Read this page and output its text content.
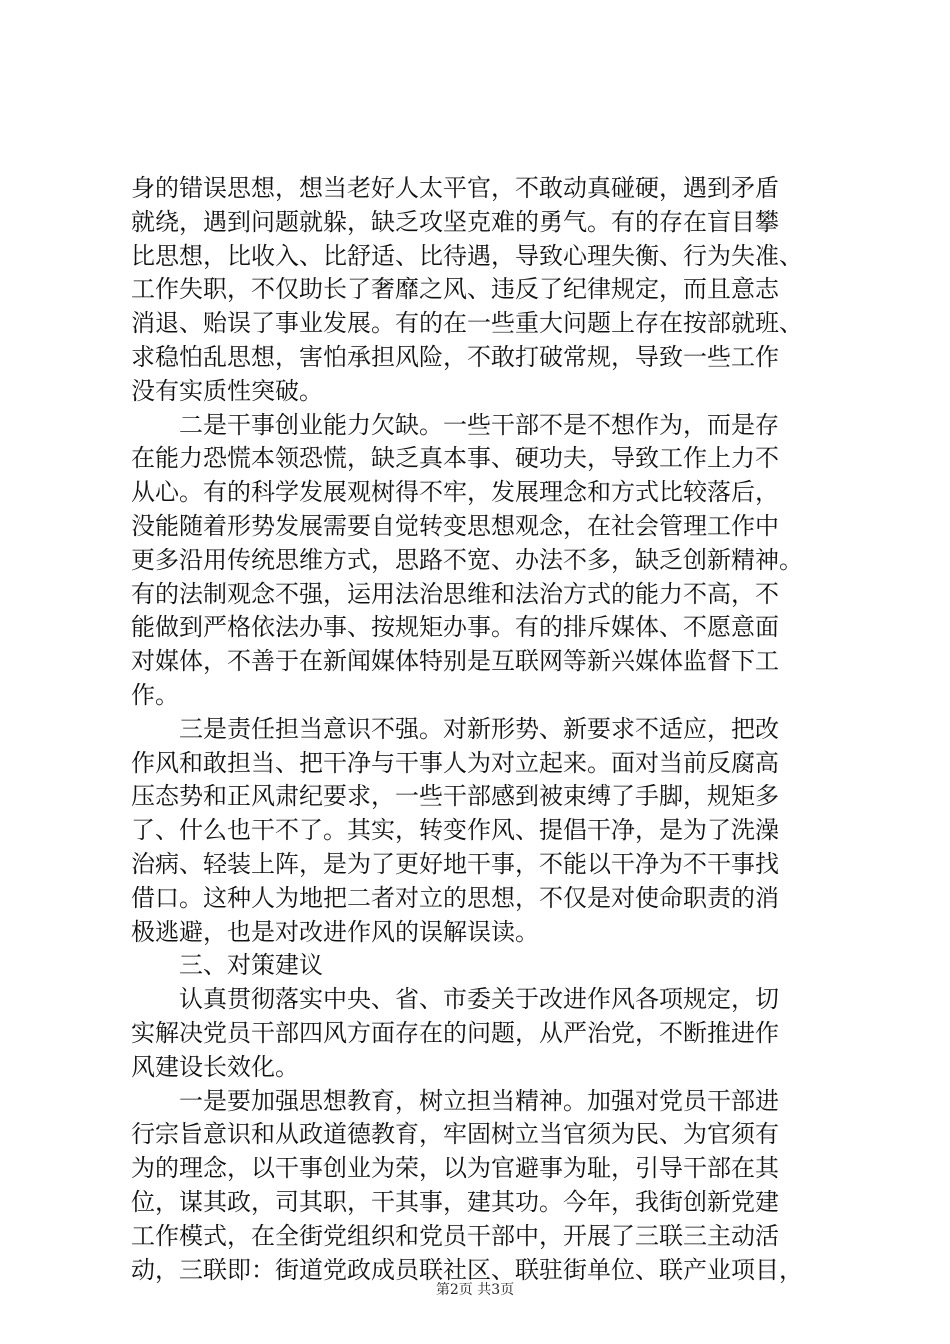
身的错误思想，想当老好人太平官，不敢动真碰硬，遇到矛盾
就绕，遇到问题就躲，缺乏攻坚克难的勇气。有的存在盲目攀
比思想，比收入、比舒适、比待遇，导致心理失衡、行为失准、
工作失职，不仅助长了奢靡之风、违反了纪律规定，而且意志
消退、贻误了事业发展。有的在一些重大问题上存在按部就班、
求稳怕乱思想，害怕承担风险，不敢打破常规，导致一些工作
没有实质性突破。
二是干事创业能力欠缺。一些干部不是不想作为，而是存
在能力恐慌本领恐慌，缺乏真本事、硬功夫，导致工作上力不
从心。有的科学发展观树得不牢，发展理念和方式比较落后，
没能随着形势发展需要自觉转变思想观念，在社会管理工作中
更多沿用传统思维方式，思路不宽、办法不多，缺乏创新精神。
有的法制观念不强，运用法治思维和法治方式的能力不高，不
能做到严格依法办事、按规矩办事。有的排斥媒体、不愿意面
对媒体，不善于在新闻媒体特别是互联网等新兴媒体监督下工
作。
三是责任担当意识不强。对新形势、新要求不适应，把改
作风和敢担当、把干净与干事人为对立起来。面对当前反腐高
压态势和正风肃纪要求，一些干部感到被束缚了手脚，规矩多
了、什么也干不了。其实，转变作风、提倡干净，是为了洗澡
治病、轻装上阵，是为了更好地干事，不能以干净为不干事找
借口。这种人为地把二者对立的思想，不仅是对使命职责的消
极逃避，也是对改进作风的误解误读。
三、对策建议
认真贯彻落实中央、省、市委关于改进作风各项规定，切
实解决党员干部四风方面存在的问题，从严治党，不断推进作
风建设长效化。
一是要加强思想教育，树立担当精神。加强对党员干部进
行宗旨意识和从政道德教育，牢固树立当官须为民、为官须有
为的理念，以干事创业为荣，以为官避事为耻，引导干部在其
位，谋其政，司其职，干其事，建其功。今年，我街创新党建
工作模式，在全街党组织和党员干部中，开展了三联三主动活
动，三联即：街道党政成员联社区、联驻街单位、联产业项目，
第2页 共3页
